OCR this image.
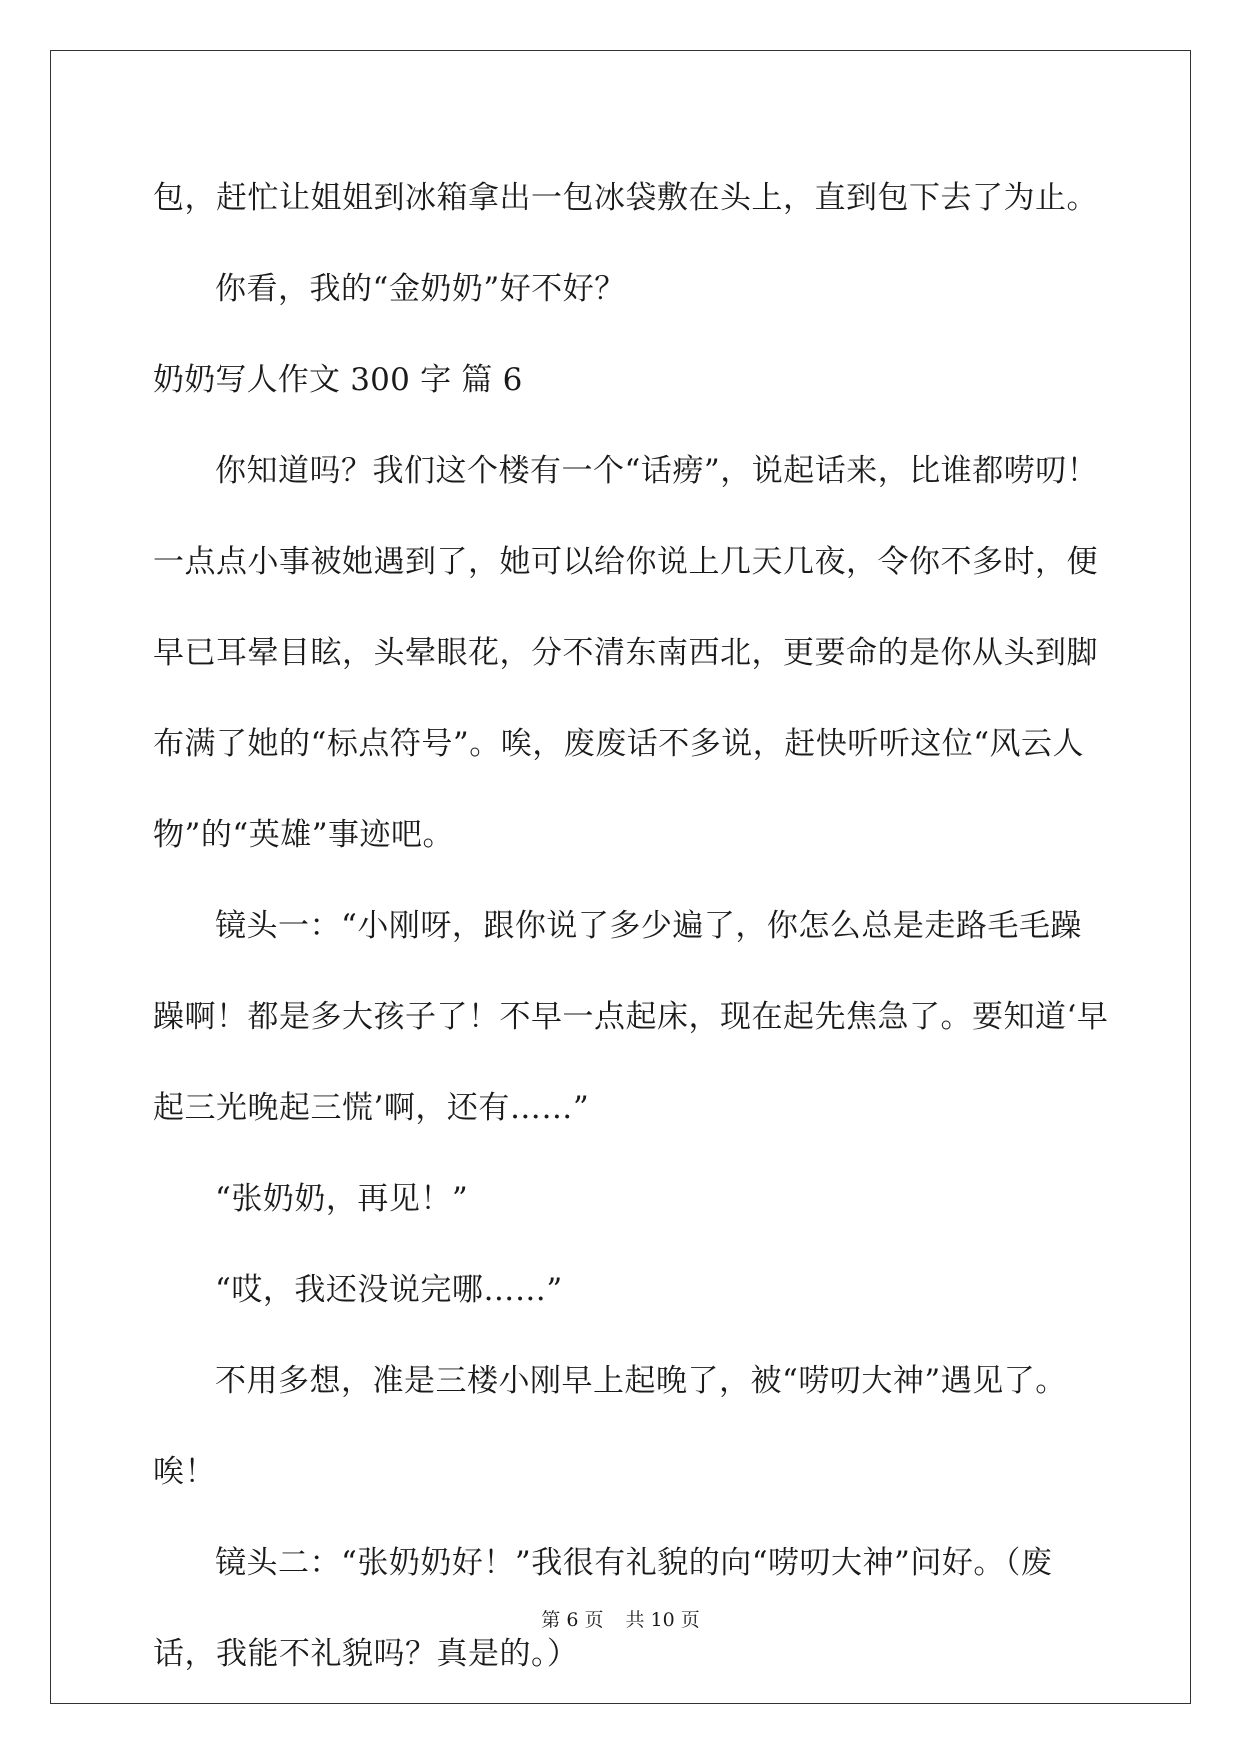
包，赶忙让姐姐到冰箱拿出一包冰袋敷在头上，直到包下去了为止。
你看，我的“金奶奶”好不好？
奶奶写人作文 300 字 篇 6
你知道吗？我们这个楼有一个“话痨”，说起话来，比谁都唠叨！
一点点小事被她遇到了，她可以给你说上几天几夜，令你不多时，便
早已耳晕目眩，头晕眼花，分不清东南西北，更要命的是你从头到脚
布满了她的“标点符号”。唉，废废话不多说，赶快听听这位“风云人
物”的“英雄”事迹吧。
镜头一：“小刚呀，跟你说了多少遍了，你怎么总是走路毛毛躁
躁啊！都是多大孩子了！不早一点起床，现在起先焦急了。要知道‘早
起三光晚起三慌’啊，还有……”
“张奶奶，再见！”
“哎，我还没说完哪……”
不用多想，准是三楼小刚早上起晚了，被“唠叨大神”遇见了。
唉！
镜头二：“张奶奶好！”我很有礼貌的向“唠叨大神”问好。（废
话，我能不礼貌吗？真是的。）
第 6 页 共 10 页
